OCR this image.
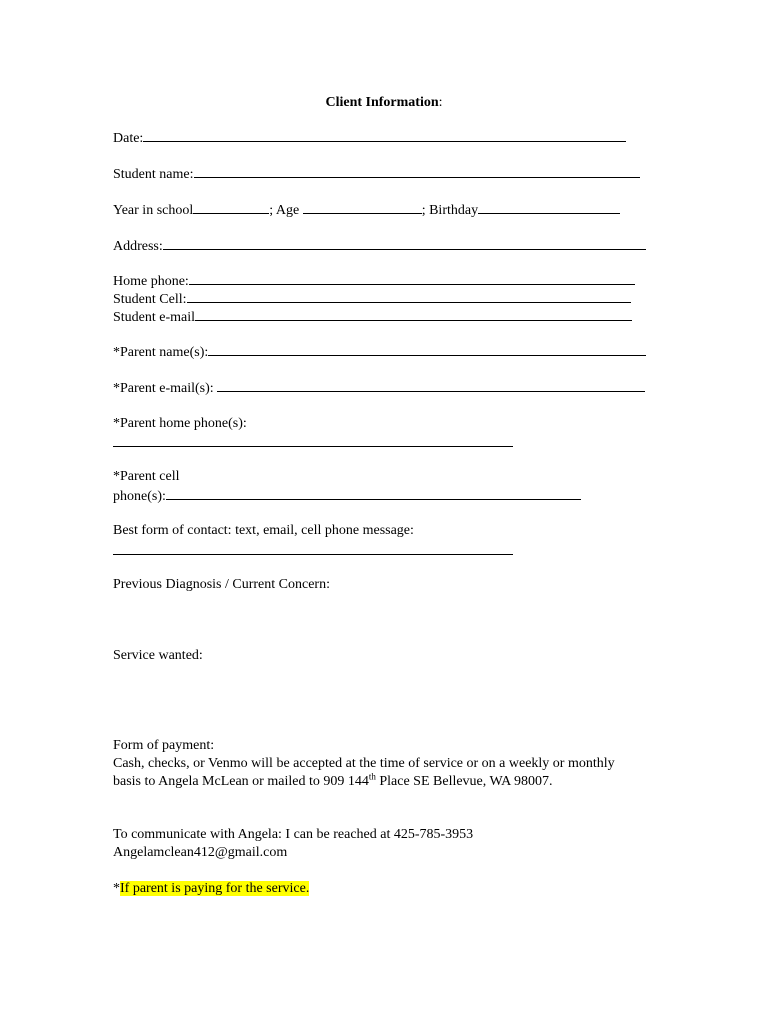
Client Information:
Date:
Student name:
Year in school	; Age	; Birthday
Address:
Home phone:
Student Cell:
Student e-mail
*Parent name(s):
*Parent e-mail(s):
*Parent home phone(s):
*Parent cell
phone(s):
Best form of contact: text, email, cell phone message:
Previous Diagnosis / Current Concern:
Service wanted:
Form of payment:
Cash, checks, or Venmo will be accepted at the time of service or on a weekly or monthly
basis to Angela McLean or mailed to 909 144th Place SE Bellevue, WA 98007.
To communicate with Angela: I can be reached at 425-785-3953
Angelamclean412@gmail.com
*If parent is paying for the service.
